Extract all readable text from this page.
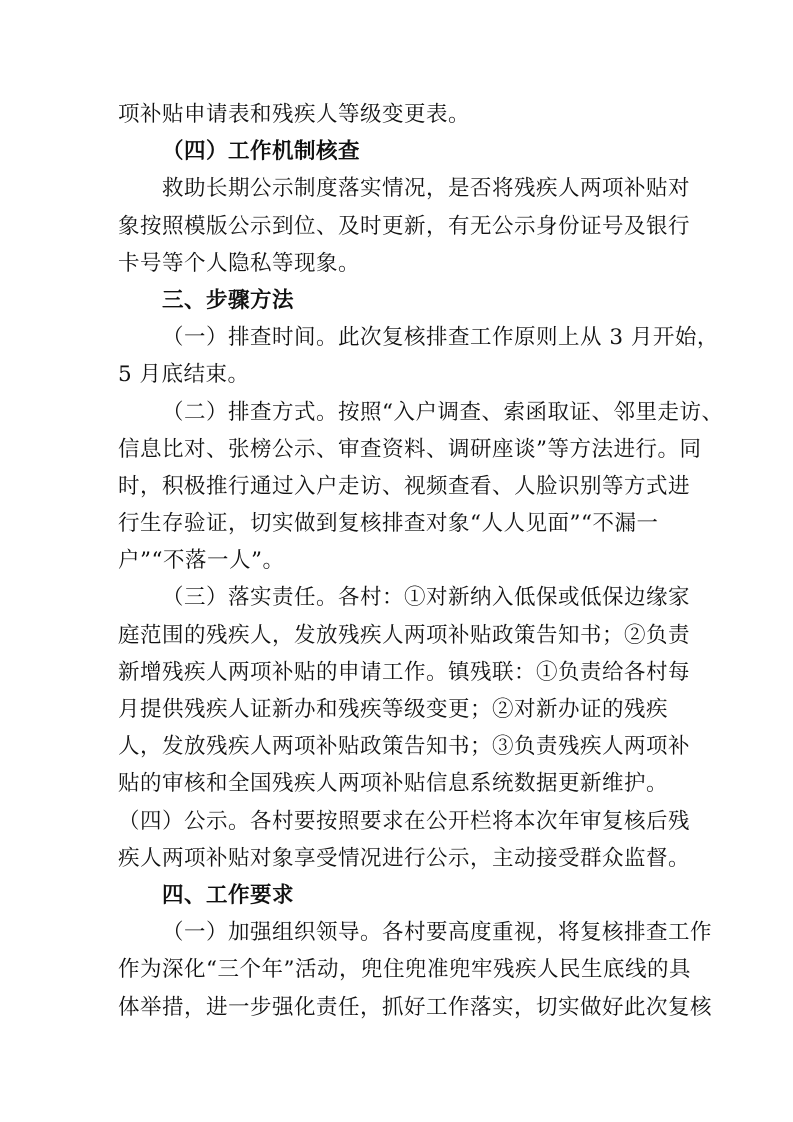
项补贴申请表和残疾人等级变更表。
（四）工作机制核查
救助长期公示制度落实情况，是否将残疾人两项补贴对
象按照模版公示到位、及时更新，有无公示身份证号及银行
卡号等个人隐私等现象。
三、步骤方法
（一）排查时间。此次复核排查工作原则上从 3 月开始，
5 月底结束。
（二）排查方式。按照“入户调查、索函取证、邻里走访、
信息比对、张榜公示、审查资料、调研座谈”等方法进行。同
时，积极推行通过入户走访、视频查看、人脸识别等方式进
行生存验证，切实做到复核排查对象“人人见面”“不漏一
户”“不落一人”。
（三）落实责任。各村：①对新纳入低保或低保边缘家
庭范围的残疾人，发放残疾人两项补贴政策告知书；②负责
新增残疾人两项补贴的申请工作。镇残联：①负责给各村每
月提供残疾人证新办和残疾等级变更；②对新办证的残疾
人，发放残疾人两项补贴政策告知书；③负责残疾人两项补
贴的审核和全国残疾人两项补贴信息系统数据更新维护。
（四）公示。各村要按照要求在公开栏将本次年审复核后残
疾人两项补贴对象享受情况进行公示，主动接受群众监督。
四、工作要求
（一）加强组织领导。各村要高度重视，将复核排查工作
作为深化“三个年”活动，兜住兜准兜牢残疾人民生底线的具
体举措，进一步强化责任，抓好工作落实，切实做好此次复核
